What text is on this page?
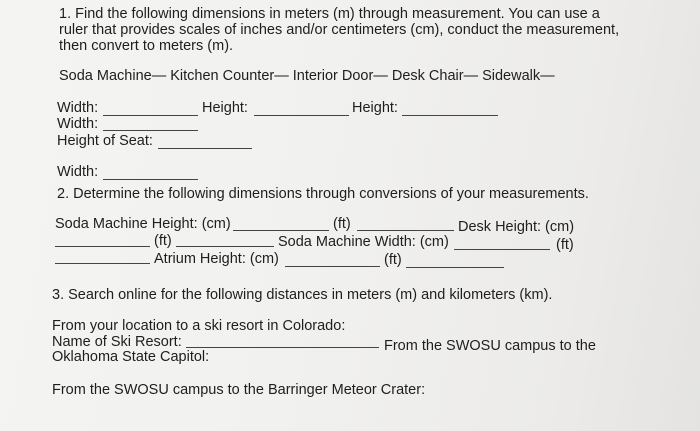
1. Find the following dimensions in meters (m) through measurement. You can use a
ruler that provides scales of inches and/or centimeters (cm), conduct the measurement,
then convert to meters (m).
Soda Machine— Kitchen Counter— Interior Door— Desk Chair— Sidewalk—
Width:	Height:	Height:
Width:
Height of Seat:
Width:
2. Determine the following dimensions through conversions of your measurements.
Soda Machine Height: (cm)	(ft)	Desk Height: (cm)
(ft)	Soda Machine Width: (cm)	(ft)
Atrium Height: (cm)	(ft)
3. Search online for the following distances in meters (m) and kilometers (km).
From your location to a ski resort in Colorado:
Name of Ski Resort:	From the SWOSU campus to the
Oklahoma State Capitol:
From the SWOSU campus to the Barringer Meteor Crater:
